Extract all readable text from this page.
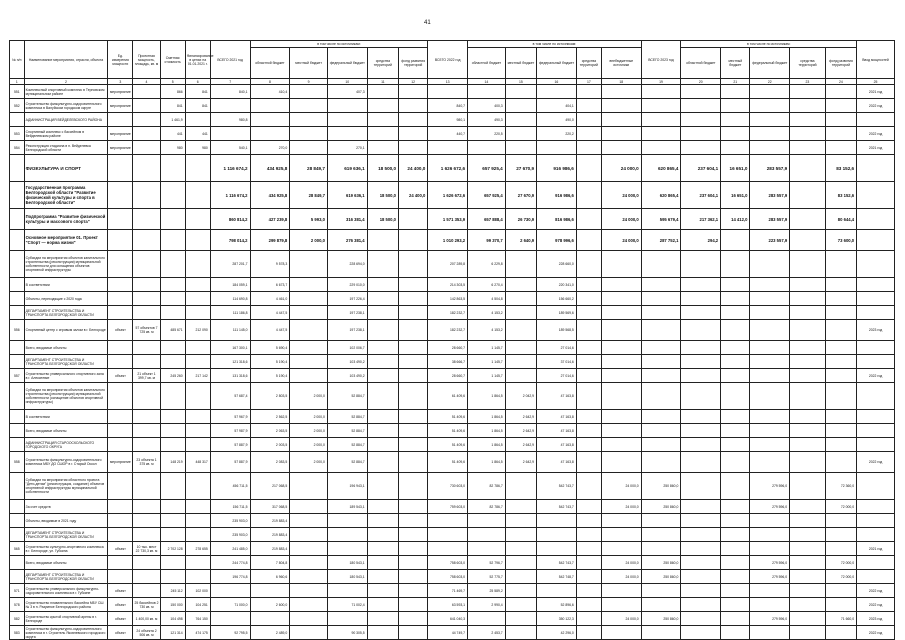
41
№ п/п	Наименование мероприятия, отрасли, объекта	Ед. измерения мощности	Проектная мощность, площадь, кв. м	Сметная стоимость	Финансирование в ценах на 01.01.2021 г.	ВСЕГО 2021 год	в том числе по источникам:					ВСЕГО 2022 год	в том числе по источникам:					ВСЕГО 2023 год	в том числе по источникам:					Ввод мощностей
							областной бюджет	местный бюджет	федеральный бюджет	средства территорий	фонд развития территорий		областной бюджет	местный бюджет	федеральный бюджет	средства территорий	внебюджетные источники		областной бюджет	местный бюджет	федеральный бюджет	средства территорий	фонд развития территорий	
1	2	3	4	5	6	7	8	9	10	11	12	13	14	15	16	17	18	19	20	21	22	23	24	25
551	Комплексный спортивный комплекс в Терновском муниципальном районе	мероприятие		866	841	840,1	410,4		407,3															2021 год
552	Строительство физкультурно-оздоровительного комплекса в Валуйском городском округе	мероприятие		841	841							840,7	400,3		404,1									2022 год
	АДМИНИСТРАЦИЯ ВЕЙДЕЛЕВСКОГО РАЙОНА			1 461,9		980,8						980,1	490,3		490,0									
553	Спортивный комплекс с бассейном в Вейделевском районе	мероприятие		441	441							440,7	220,5		220,2									2022 год
554	Реконструкция стадиона в п. Вейделевка Белгородской области	мероприятие		980	980	540,1	270,0		270,1															2021 год
	ФИЗКУЛЬТУРА И СПОРТ					1 116 674,2	434 925,8	28 849,7	619 636,1	18 500,0	24 400,0	1 626 672,6	657 925,4	27 670,9	916 986,6		24 000,0	620 865,4	237 604,1	16 651,0	283 557,9		83 152,6	
	Государственная программа Белгородской области "Развитие физической культуры и спорта в Белгородской области"					1 116 674,2	434 925,8	28 849,7	619 636,1	18 500,0	24 400,0	1 626 672,6	657 925,4	27 670,9	916 986,6		24 000,0	620 865,4	237 604,1	16 651,0	283 557,9		83 152,6	
	Подпрограмма "Развитие физической культуры и массового спорта"					860 814,2	427 239,8	5 993,0	316 381,4	18 500,0		1 571 353,9	657 888,4	26 730,9	816 986,6		24 000,0	595 679,4	217 362,1	14 412,0	283 557,9		80 644,4	
	Основное мероприятие 01. Проект "Спорт — норма жизни"					798 014,2	299 879,8	2 000,0	276 381,4			1 010 293,2	99 370,7	2 640,9	978 996,6		24 000,0	287 752,1	294,2		223 557,9		73 600,0	
	Субсидии на мероприятия объектов капитального строительства (реконструкции) муниципальной собственности для оснащения объектов спортивной инфраструктуры					287 201,7	9 578,3		228 694,0			207 289,8	6 229,8		228 660,0									
	В соответствии					184 059,1	6 673,7		229 010,0			214 303,5	6 270,4		220 341,0									
	Объекты, переходящие с 2020 года					114 690,8	4 461,0		197 226,4			142 863,5	4 504,8		156 660,2									
	ДЕПАРТАМЕНТ СТРОИТЕЛЬСТВА И ТРАНСПОРТА БЕЛГОРОДСКОЙ ОБЛАСТИ					111 186,8	4 447,5		197 238,1			182 232,7	4 153,2		189 569,6									
556	Спортивный центр с игровым залом в г. Белгороде	объект	57 объектов 7 725 кв. м	485 671	212 090	111 145,0	4 447,5		197 238,1			182 232,7	4 153,2		189 568,5									2023 год
	Всего, вводимые объекты					167 300,1	5 690,4		102 006,7			28 660,7	1 145,7		27 014,6									
	ДЕПАРТАМЕНТ СТРОИТЕЛЬСТВА И ТРАНСПОРТА БЕЛГОРОДСКОЙ ОБЛАСТИ					121 318,6	5 190,4		103 490,2			38 666,7	1 145,7		37 014,6									
557	Строительство универсального спортивного зала в г. Алексеевке	объект	21 объект 1 399,7 кв. м	245 260	217 142	131 318,6	5 190,4		103 490,2			28 660,7	1 145,7		27 014,6									2022 год
	Субсидии на мероприятия объектов капитального строительства (реконструкции) муниципальной собственности (оснащение объектов спортивной инфраструктуры)					57 687,4	2 803,5	2 000,0	52 884,7			61 409,6	1 864,5	2 042,9	47 163,8									
	В соответствии					57 967,9	2 562,5	2 000,0	52 884,7			51 409,6	1 864,5	2 642,9	47 163,8									
	Всего, вводимые объекты					57 987,9	2 063,5	2 000,0	52 884,7			51 409,6	1 864,5	2 642,9	47 163,8									
	АДМИНИСТРАЦИЯ СТАРООСКОЛЬСКОГО ГОРОДСКОГО ОКРУГА					57 887,9	2 003,5	2 000,0	52 884,7			51 409,6	1 864,5	2 642,9	47 163,8									
558	Строительство физкультурно-оздоровительного комплекса МБУ ДО СШОР в г. Старый Оскол	мероприятие	23 объекта 1 375 кв. м	148 219	448 317	57 887,9	2 083,5	2 000,0	52 884,7			51 409,6	1 864,5	2 642,9	47 163,8									2022 год
	Субсидии на мероприятия областного проекта "Дети-детям" (реконструкция, создание) объектов спортивной инфраструктуры муниципальной собственности					456 711,5	217 068,5		196 943,1			730 603,0	82 786,7		542 743,7		24 000,0	250 860,0			279 596,0		72 360,0	
	За счет средств					156 711,5	317 068,5		189 543,1			759 603,0	82 786,7		542 743,7		24 000,0	250 860,0			279 596,0		72 000,0	
	Объекты, вводимые в 2021 году					235 903,0	219 883,4																	
	ДЕПАРТАМЕНТ СТРОИТЕЛЬСТВА И ТРАНСПОРТА БЕЛГОРОДСКОЙ ОБЛАСТИ					235 903,0	219 883,4																	
565	Строительство культурно-спортивного комплекса в г. Белгороде, ул. Губкина	объект	10 тыс. мест 22 730,3 кв. м	2 702 128	278 655	241 485,0	219 883,4																	2021 год
	Всего, вводимые объекты					244 774,8	7 804,8		180 543,1			758 603,0	52 796,7		542 743,7		24 000,0	250 860,0			279 596,0		72 000,0	
	ДЕПАРТАМЕНТ СТРОИТЕЛЬСТВА И ТРАНСПОРТА БЕЛГОРОДСКОЙ ОБЛАСТИ					196 774,8	6 960,6		180 543,1			758 603,0	52 775,7		542 748,7		24 000,0	250 860,0			279 596,0		72 000,0	
571	Строительство универсального физкультурно-оздоровительного комплекса в г. Губкине	объект		245 112	102 000							71 469,7	25 589,2											2022 год
578	Строительство плавательного бассейна МБУ СШ № 3 в п. Разумное Белгородского района	объект	25 бассейнов 2 730 кв. м	150 000	104 251	71 000,0	2 600,0		71 002,4			63 593,1	2 990,4		52 896,6									2022 год
582	Строительство крытой спортивной арены в г. Белгороде	объект	1 400,00 кв. м	104 498	764 150							641 040,3			350 122,3		24 000,0	250 860,0			279 596,0		71 660,0	2023 год
583	Строительство физкультурно-оздоровительного комплекса в г. Строитель Яковлевского городского округа	объект	24 объекта 2 506 кв. м	121 314	474 175	92 795,5	2 489,0		90 305,5			44 749,7	2 453,7		42 296,0									2022 год
